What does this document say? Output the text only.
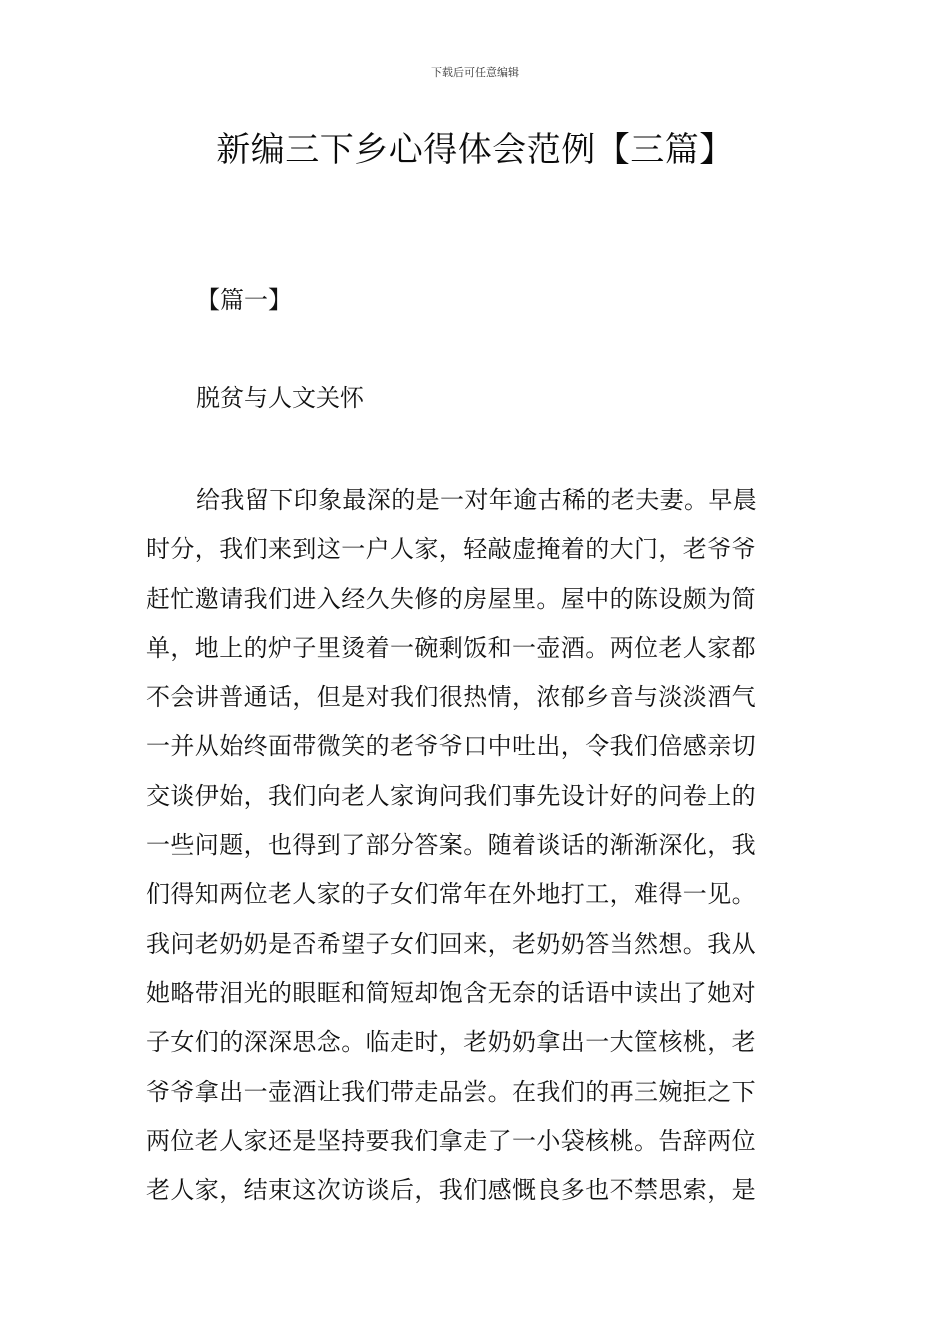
下载后可任意编辑
新编三下乡心得体会范例【三篇】
【篇一】
脱贫与人文关怀
给我留下印象最深的是一对年逾古稀的老夫妻。早晨
时分，我们来到这一户人家，轻敲虚掩着的大门，老爷爷
赶忙邀请我们进入经久失修的房屋里。屋中的陈设颇为简
单，地上的炉子里烫着一碗剩饭和一壶酒。两位老人家都
不会讲普通话，但是对我们很热情，浓郁乡音与淡淡酒气
一并从始终面带微笑的老爷爷口中吐出，令我们倍感亲切
交谈伊始，我们向老人家询问我们事先设计好的问卷上的
一些问题，也得到了部分答案。随着谈话的渐渐深化，我
们得知两位老人家的子女们常年在外地打工，难得一见。
我问老奶奶是否希望子女们回来，老奶奶答当然想。我从
她略带泪光的眼眶和简短却饱含无奈的话语中读出了她对
子女们的深深思念。临走时，老奶奶拿出一大筐核桃，老
爷爷拿出一壶酒让我们带走品尝。在我们的再三婉拒之下
两位老人家还是坚持要我们拿走了一小袋核桃。告辞两位
老人家，结束这次访谈后，我们感慨良多也不禁思索，是
